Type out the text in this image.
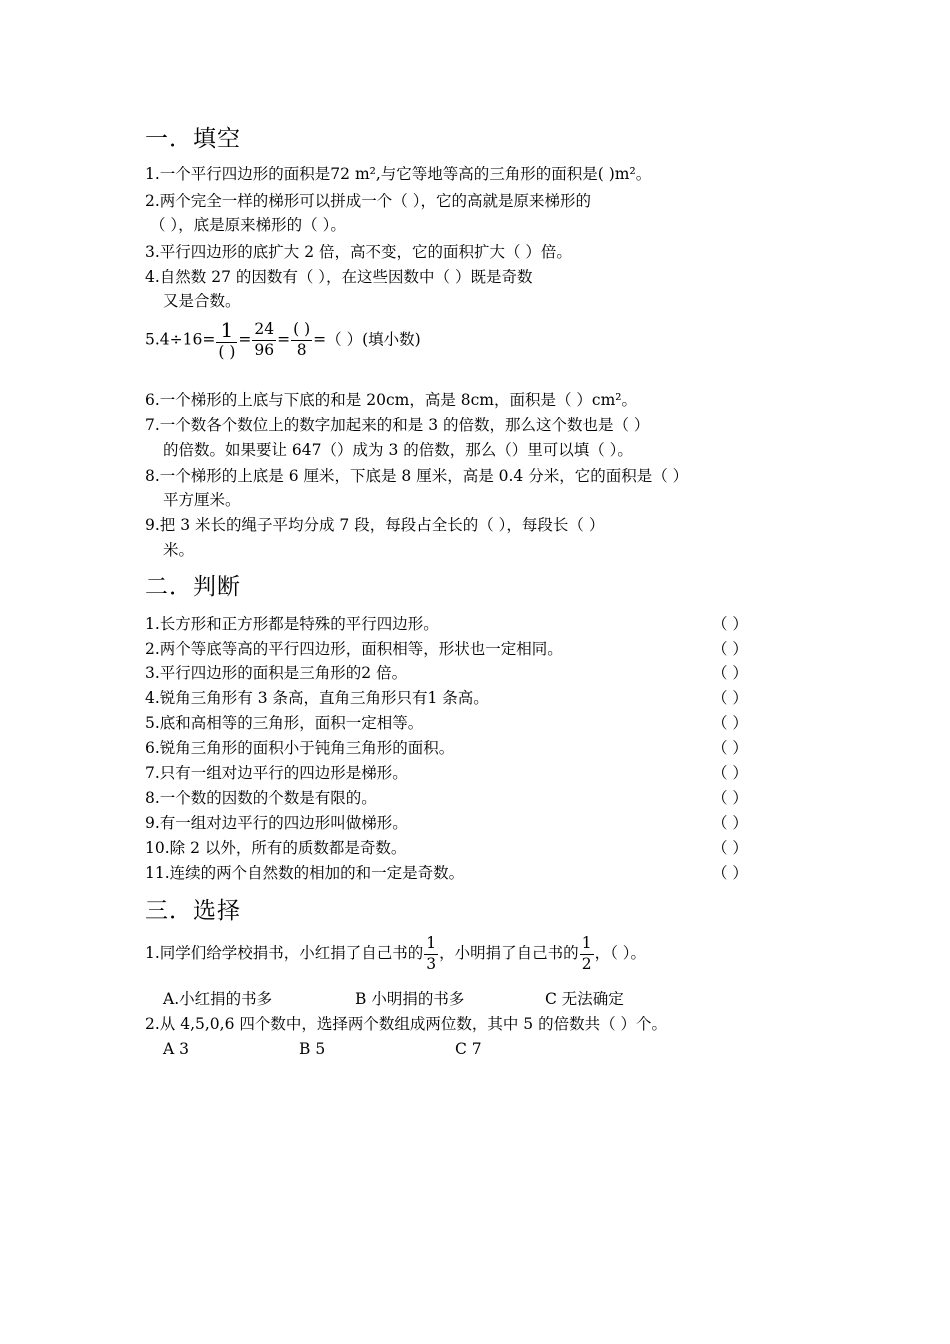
一．填空
1.一个平行四边形的面积是72 m²,与它等地等高的三角形的面积是( )m²。
2.两个完全一样的梯形可以拼成一个（ ），它的高就是原来梯形的
（ ），底是原来梯形的（ ）。
3.平行四边形的底扩大 2 倍，高不变，它的面积扩大（ ）倍。
4.自然数 27 的因数有（ ），在这些因数中（ ）既是奇数
又是合数。
$5.4\div 16= \frac{1}{( )} = \frac{24}{96} = \frac{( )}{8}$ =（ ）(填小数)
6.一个梯形的上底与下底的和是 20cm，高是 8cm，面积是（ ）cm²。
7.一个数各个数位上的数字加起来的和是 3 的倍数，那么这个数也是（ ）
的倍数。如果要让 647（）成为 3 的倍数，那么（）里可以填（ ）。
8.一个梯形的上底是 6 厘米，下底是 8 厘米，高是 0.4 分米，它的面积是（ ）
平方厘米。
9.把 3 米长的绳子平均分成 7 段，每段占全长的（ ），每段长（ ）
米。
二．判断
1.长方形和正方形都是特殊的平行四边形。	（ ）
2.两个等底等高的平行四边形，面积相等，形状也一定相同。	（ ）
3.平行四边形的面积是三角形的2 倍。	（ ）
4.锐角三角形有 3 条高，直角三角形只有1 条高。	（ ）
5.底和高相等的三角形，面积一定相等。	（ ）
6.锐角三角形的面积小于钝角三角形的面积。	（ ）
7.只有一组对边平行的四边形是梯形。	（ ）
8.一个数的因数的个数是有限的。	（ ）
9.有一组对边平行的四边形叫做梯形。	（ ）
10.除 2 以外，所有的质数都是奇数。	（ ）
11.连续的两个自然数的相加的和一定是奇数。	（ ）
三．选择
1.同学们给学校捐书，小红捐了自己书的 $\frac{1}{3}$ ，小明捐了自己书的 $\frac{1}{2}$ ，（ ）。
A.小红捐的书多	B 小明捐的书多	C 无法确定
2.从 4,5,0,6 四个数中，选择两个数组成两位数，其中 5 的倍数共（ ）个。
A 3	B 5	C 7
